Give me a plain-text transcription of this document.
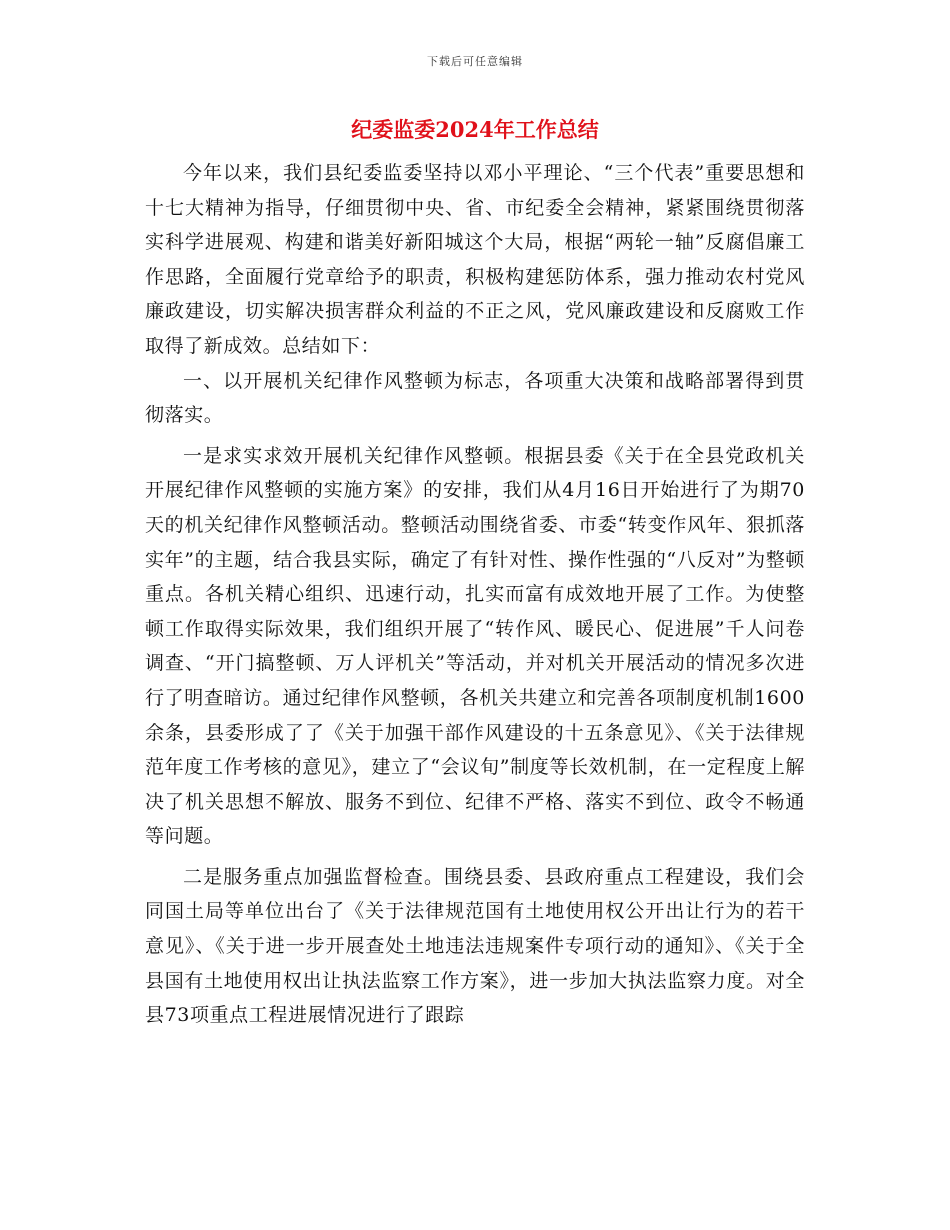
下载后可任意编辑
纪委监委2024年工作总结

今年以来，我们县纪委监委坚持以邓小平理论、“三个代表”重要思想和十七大精神为指导，仔细贯彻中央、省、市纪委全会精神，紧紧围绕贯彻落实科学进展观、构建和谐美好新阳城这个大局，根据“两轮一轴”反腐倡廉工作思路，全面履行党章给予的职责，积极构建惩防体系，强力推动农村党风廉政建设，切实解决损害群众利益的不正之风，党风廉政建设和反腐败工作取得了新成效。总结如下：

一、以开展机关纪律作风整顿为标志，各项重大决策和战略部署得到贯彻落实。

一是求实求效开展机关纪律作风整顿。根据县委《关于在全县党政机关开展纪律作风整顿的实施方案》的安排，我们从4月16日开始进行了为期70天的机关纪律作风整顿活动。整顿活动围绕省委、市委“转变作风年、狠抓落实年”的主题，结合我县实际，确定了有针对性、操作性强的“八反对”为整顿重点。各机关精心组织、迅速行动，扎实而富有成效地开展了工作。为使整顿工作取得实际效果，我们组织开展了“转作风、暖民心、促进展”千人问卷调查、“开门搞整顿、万人评机关”等活动，并对机关开展活动的情况多次进行了明查暗访。通过纪律作风整顿，各机关共建立和完善各项制度机制1600余条，县委形成了了《关于加强干部作风建设的十五条意见》、《关于法律规范年度工作考核的意见》，建立了“会议旬”制度等长效机制，在一定程度上解决了机关思想不解放、服务不到位、纪律不严格、落实不到位、政令不畅通等问题。

二是服务重点加强监督检查。围绕县委、县政府重点工程建设，我们会同国土局等单位出台了《关于法律规范国有土地使用权公开出让行为的若干意见》、《关于进一步开展查处土地违法违规案件专项行动的通知》、《关于全县国有土地使用权出让执法监察工作方案》，进一步加大执法监察力度。对全县73项重点工程进展情况进行了跟踪
